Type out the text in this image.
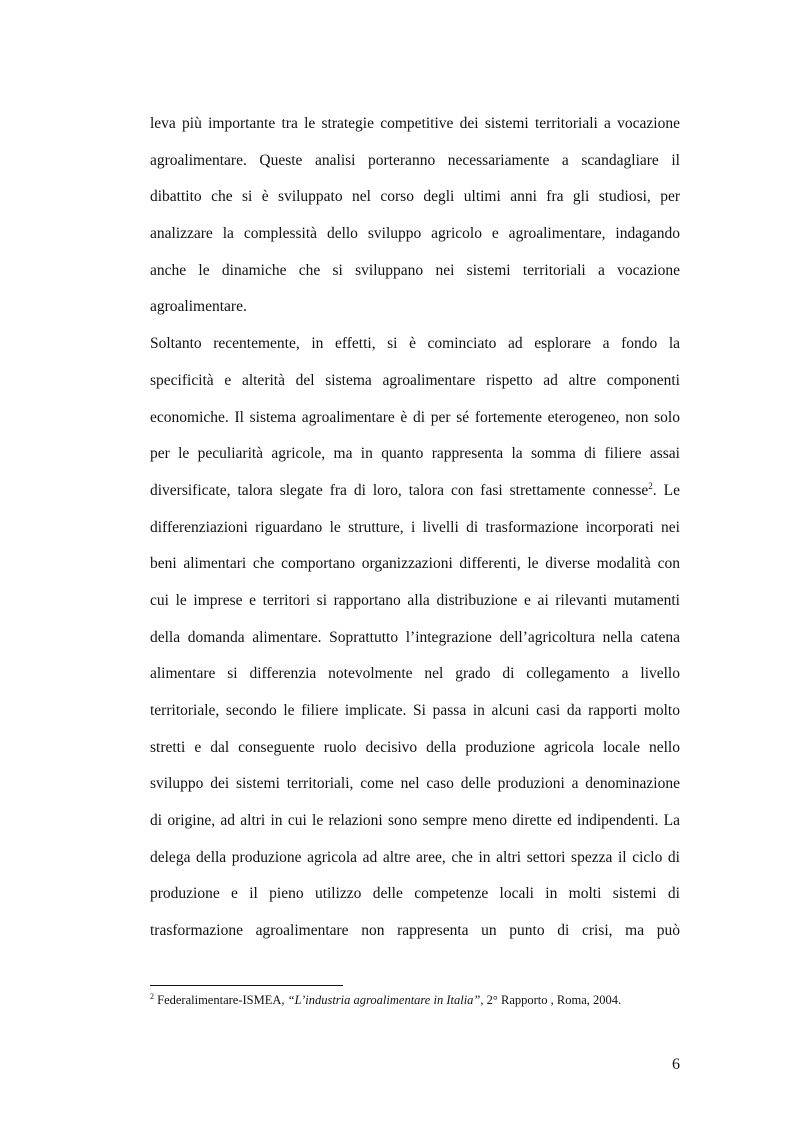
leva più importante tra le strategie competitive dei sistemi territoriali a vocazione
agroalimentare. Queste analisi porteranno necessariamente a scandagliare il
dibattito che si è sviluppato nel corso degli ultimi anni fra gli studiosi, per
analizzare la complessità dello sviluppo agricolo e agroalimentare, indagando
anche le dinamiche che si sviluppano nei sistemi territoriali a vocazione
agroalimentare.
Soltanto recentemente, in effetti, si è cominciato ad esplorare a fondo la
specificità e alterità del sistema agroalimentare rispetto ad altre componenti
economiche. Il sistema agroalimentare è di per sé fortemente eterogeneo, non solo
per le peculiarità agricole, ma in quanto rappresenta la somma di filiere assai
diversificate, talora slegate fra di loro, talora con fasi strettamente connesse$^2$. Le
differenziazioni riguardano le strutture, i livelli di trasformazione incorporati nei
beni alimentari che comportano organizzazioni differenti, le diverse modalità con
cui le imprese e territori si rapportano alla distribuzione e ai rilevanti mutamenti
della domanda alimentare. Soprattutto l’integrazione dell’agricoltura nella catena
alimentare si differenzia notevolmente nel grado di collegamento a livello
territoriale, secondo le filiere implicate. Si passa in alcuni casi da rapporti molto
stretti e dal conseguente ruolo decisivo della produzione agricola locale nello
sviluppo dei sistemi territoriali, come nel caso delle produzioni a denominazione
di origine, ad altri in cui le relazioni sono sempre meno dirette ed indipendenti. La
delega della produzione agricola ad altre aree, che in altri settori spezza il ciclo di
produzione e il pieno utilizzo delle competenze locali in molti sistemi di
trasformazione agroalimentare non rappresenta un punto di crisi, ma può
$^2$ Federalimentare-ISMEA, “L’industria agroalimentare in Italia”, 2° Rapporto , Roma, 2004.
6
